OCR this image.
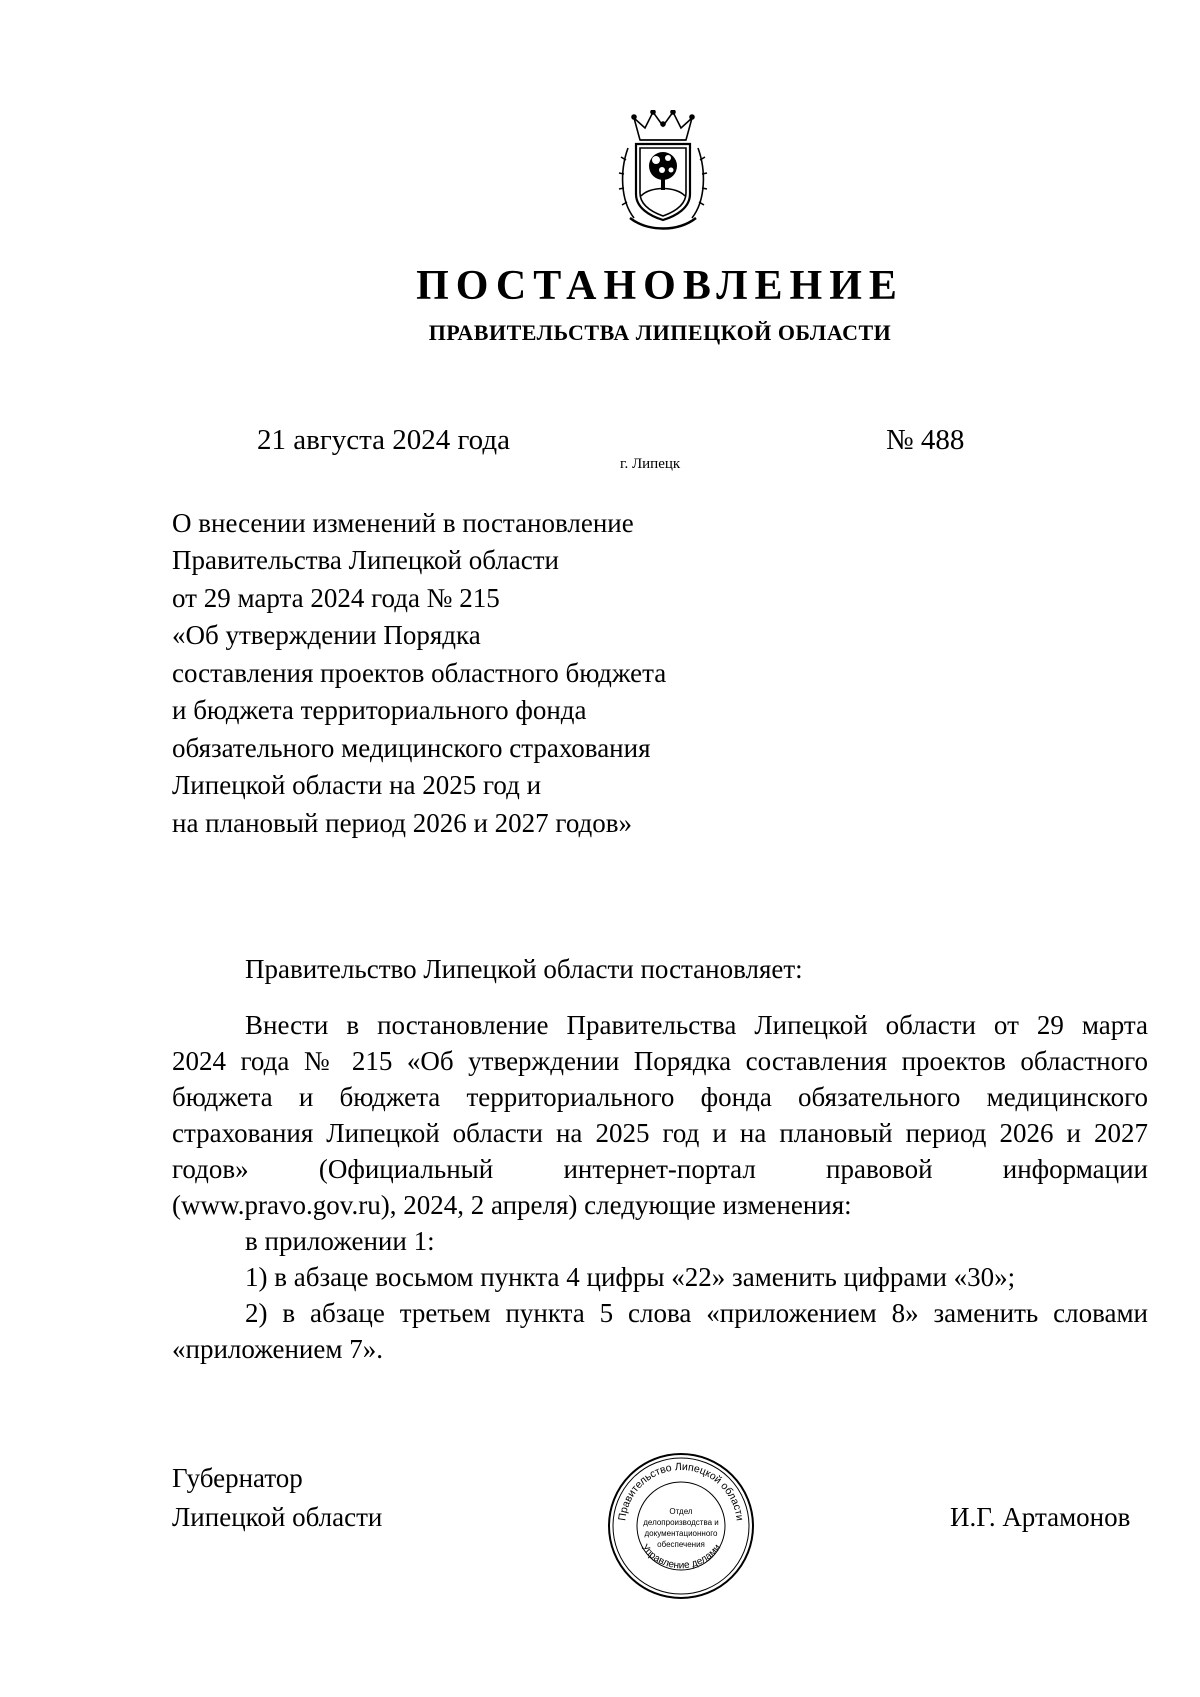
ПОСТАНОВЛЕНИЕ
ПРАВИТЕЛЬСТВА ЛИПЕЦКОЙ ОБЛАСТИ
21 августа 2024 года
г. Липецк
№ 488
О внесении изменений в постановление
Правительства Липецкой области
от 29 марта 2024 года № 215
«Об утверждении Порядка
составления проектов областного бюджета
и бюджета территориального фонда
обязательного медицинского страхования
Липецкой области на 2025 год и
на плановый период 2026 и 2027 годов»
Правительство Липецкой области постановляет:
Внести в постановление Правительства Липецкой области от 29 марта
2024 года № 215 «Об утверждении Порядка составления проектов областного
бюджета и бюджета территориального фонда обязательного медицинского
страхования Липецкой области на 2025 год и на плановый период 2026 и 2027
годов» (Официальный интернет-портал правовой информации
(www.pravo.gov.ru), 2024, 2 апреля) следующие изменения:
в приложении 1:
1) в абзаце восьмом пункта 4 цифры «22» заменить цифрами «30»;
2) в абзаце третьем пункта 5 слова «приложением 8» заменить словами
«приложением 7».
Губернатор
Липецкой области	Правительство Липецкой области
Управление делами
Отдел
делопроизводства и
документационного
обеспечения
И.Г. Артамонов
